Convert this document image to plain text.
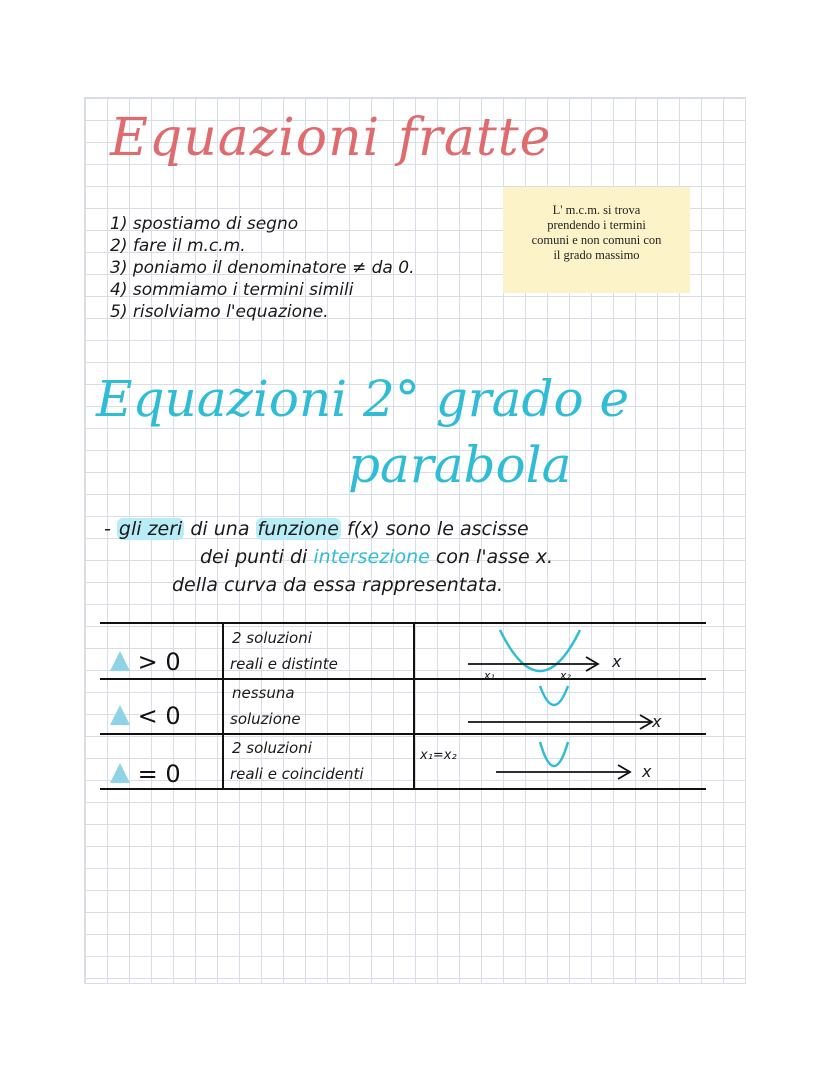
Equazioni fratte
L' m.c.m. si trova
prendendo i termini
comuni e non comuni con
il grado massimo
1) spostiamo di segno
2) fare il m.c.m.
3) poniamo il denominatore ≠ da 0.
4) sommiamo i termini simili
5) risolviamo l'equazione.
Equazioni 2° grado e
parabola
- gli zeri di una funzione f(x) sono le ascisse
dei punti di intersezione con l'asse x.
della curva da essa rappresentata.
> 0
2 soluzioni
reali e distinte
< 0
nessuna
soluzione
= 0
2 soluzioni
reali e coincidenti
x₁=x₂
x₁	x₂
x
x
x
